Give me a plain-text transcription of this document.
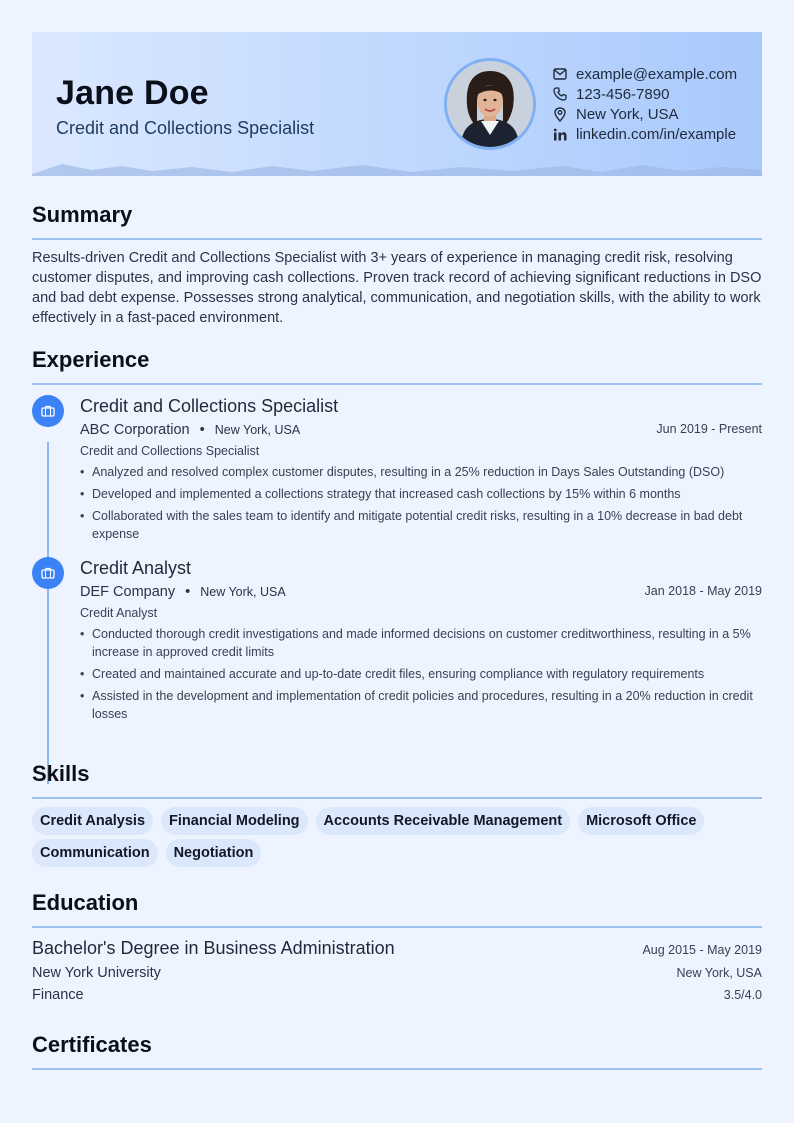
Jane Doe
Credit and Collections Specialist
example@example.com
123-456-7890
New York, USA
linkedin.com/in/example
Summary

Results-driven Credit and Collections Specialist with 3+ years of experience in managing credit risk, resolving customer disputes, and improving cash collections. Proven track record of achieving significant reductions in DSO and bad debt expense. Possesses strong analytical, communication, and negotiation skills, with the ability to work effectively in a fast-paced environment.

Experience
Credit and Collections Specialist
ABC Corporation • New York, USA	Jun 2019 - Present
Credit and Collections Specialist
• Analyzed and resolved complex customer disputes, resulting in a 25% reduction in Days Sales Outstanding (DSO)
• Developed and implemented a collections strategy that increased cash collections by 15% within 6 months
• Collaborated with the sales team to identify and mitigate potential credit risks, resulting in a 10% decrease in bad debt expense
Credit Analyst
DEF Company • New York, USA	Jan 2018 - May 2019
Credit Analyst
• Conducted thorough credit investigations and made informed decisions on customer creditworthiness, resulting in a 5% increase in approved credit limits
• Created and maintained accurate and up-to-date credit files, ensuring compliance with regulatory requirements
• Assisted in the development and implementation of credit policies and procedures, resulting in a 20% reduction in credit losses
Skills
Credit Analysis	Financial Modeling	Accounts Receivable Management	Microsoft Office
Communication	Negotiation
Education
Bachelor's Degree in Business Administration	Aug 2015 - May 2019
New York University	New York, USA
Finance	3.5/4.0
Certificates
